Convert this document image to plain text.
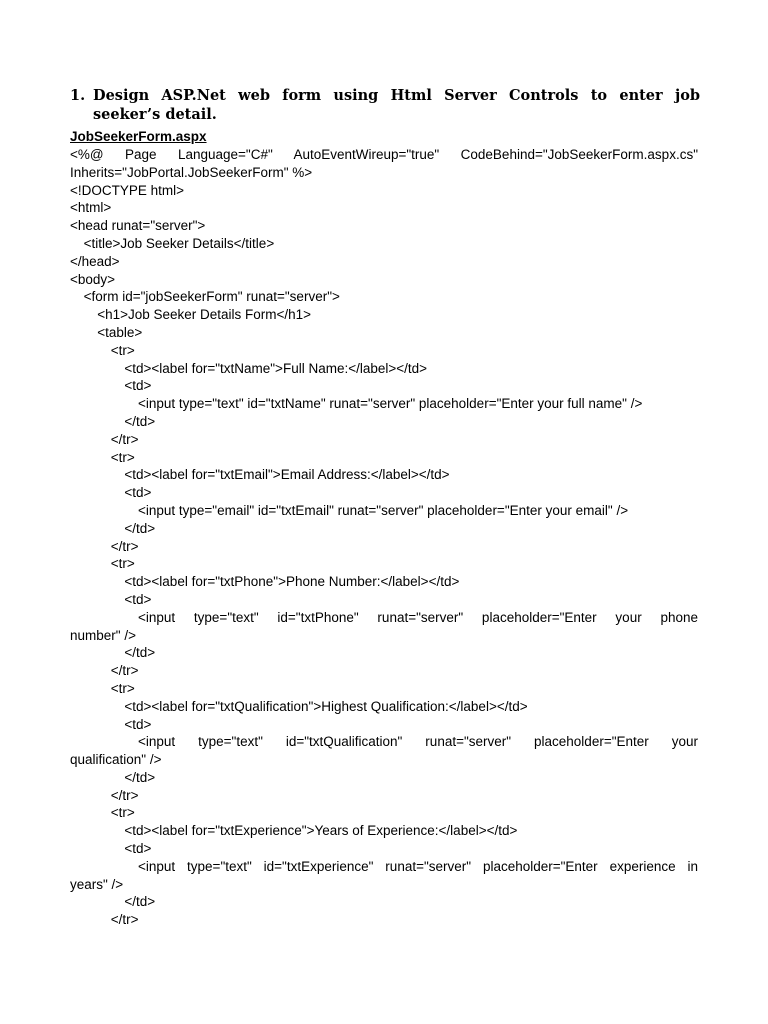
1. Design ASP.Net web form using Html Server Controls to enter job seeker’s detail.
JobSeekerForm.aspx
<%@ Page Language="C#" AutoEventWireup="true" CodeBehind="JobSeekerForm.aspx.cs"
Inherits="JobPortal.JobSeekerForm" %>
<!DOCTYPE html>
<html>
<head runat="server">
<title>Job Seeker Details</title>
</head>
<body>
<form id="jobSeekerForm" runat="server">
<h1>Job Seeker Details Form</h1>
<table>
<tr>
<td><label for="txtName">Full Name:</label></td>
<td>
<input type="text" id="txtName" runat="server" placeholder="Enter your full name" />
</td>
</tr>
<tr>
<td><label for="txtEmail">Email Address:</label></td>
<td>
<input type="email" id="txtEmail" runat="server" placeholder="Enter your email" />
</td>
</tr>
<tr>
<td><label for="txtPhone">Phone Number:</label></td>
<td>
<input type="text" id="txtPhone" runat="server" placeholder="Enter your phone
number" />
</td>
</tr>
<tr>
<td><label for="txtQualification">Highest Qualification:</label></td>
<td>
<input type="text" id="txtQualification" runat="server" placeholder="Enter your
qualification" />
</td>
</tr>
<tr>
<td><label for="txtExperience">Years of Experience:</label></td>
<td>
<input type="text" id="txtExperience" runat="server" placeholder="Enter experience in
years" />
</td>
</tr>
